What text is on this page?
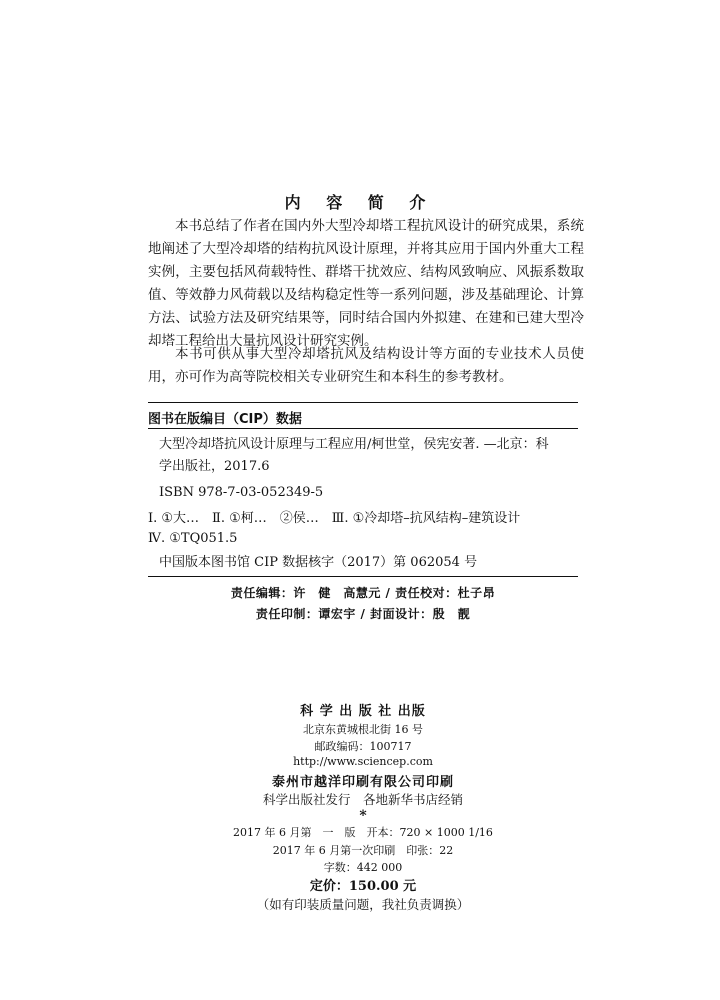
内 容 简 介

本书总结了作者在国内外大型冷却塔工程抗风设计的研究成果，系统地阐述了大型冷却塔的结构抗风设计原理，并将其应用于国内外重大工程实例，主要包括风荷载特性、群塔干扰效应、结构风致响应、风振系数取值、等效静力风荷载以及结构稳定性等一系列问题，涉及基础理论、计算方法、试验方法及研究结果等，同时结合国内外拟建、在建和已建大型冷却塔工程给出大量抗风设计研究实例。

本书可供从事大型冷却塔抗风及结构设计等方面的专业技术人员使用，亦可作为高等院校相关专业研究生和本科生的参考教材。

图书在版编目（CIP）数据
大型冷却塔抗风设计原理与工程应用/柯世堂，侯宪安著. —北京：科
学出版社，2017.6
ISBN 978-7-03-052349-5
Ⅰ. ①大…　Ⅱ. ①柯…　②侯…　Ⅲ. ①冷却塔–抗风结构–建筑设计
Ⅳ. ①TQ051.5
中国版本图书馆 CIP 数据核字（2017）第 062054 号
责任编辑：许　健　高慧元 / 责任校对：杜子昂
责任印制：谭宏宇 / 封面设计：殷　靓
科 学 出 版 社 出版
北京东黄城根北街 16 号
邮政编码：100717
http://www.sciencep.com
泰州市越洋印刷有限公司印刷
科学出版社发行　各地新华书店经销
*
2017 年 6 月第　一　版　开本：720 × 1000 1/16
2017 年 6 月第一次印刷　印张：22
字数：442 000
定价：150.00 元
（如有印装质量问题，我社负责调换）
